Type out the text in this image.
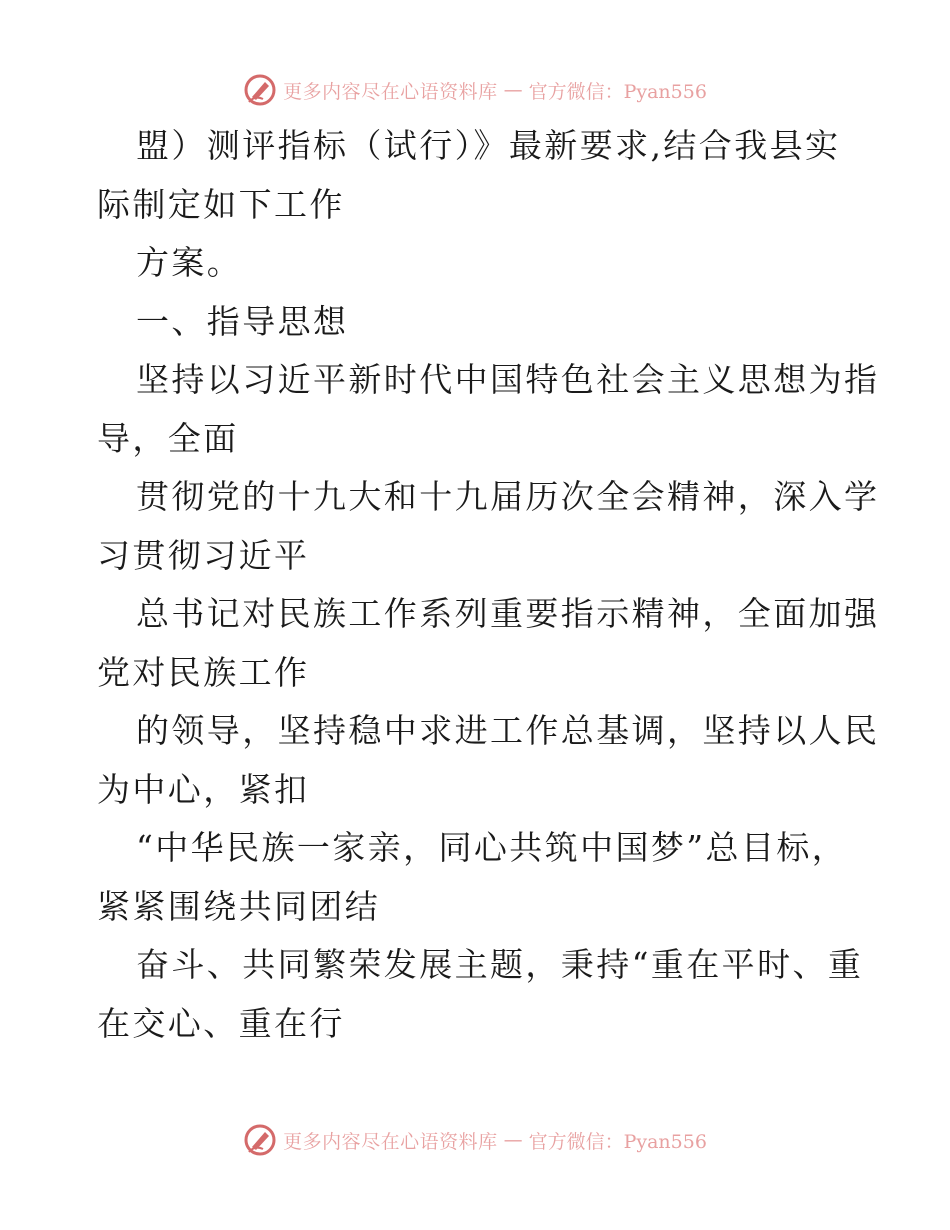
更多内容尽在心语资料库 — 官方微信：Pyan556
盟）测评指标（试行）》最新要求,结合我县实
际制定如下工作
方案。
一、指导思想
坚持以习近平新时代中国特色社会主义思想为指
导，全面
贯彻党的十九大和十九届历次全会精神，深入学
习贯彻习近平
总书记对民族工作系列重要指示精神，全面加强
党对民族工作
的领导，坚持稳中求进工作总基调，坚持以人民
为中心，紧扣
“中华民族一家亲，同心共筑中国梦”总目标，
紧紧围绕共同团结
奋斗、共同繁荣发展主题，秉持“重在平时、重
在交心、重在行
更多内容尽在心语资料库 — 官方微信：Pyan556
